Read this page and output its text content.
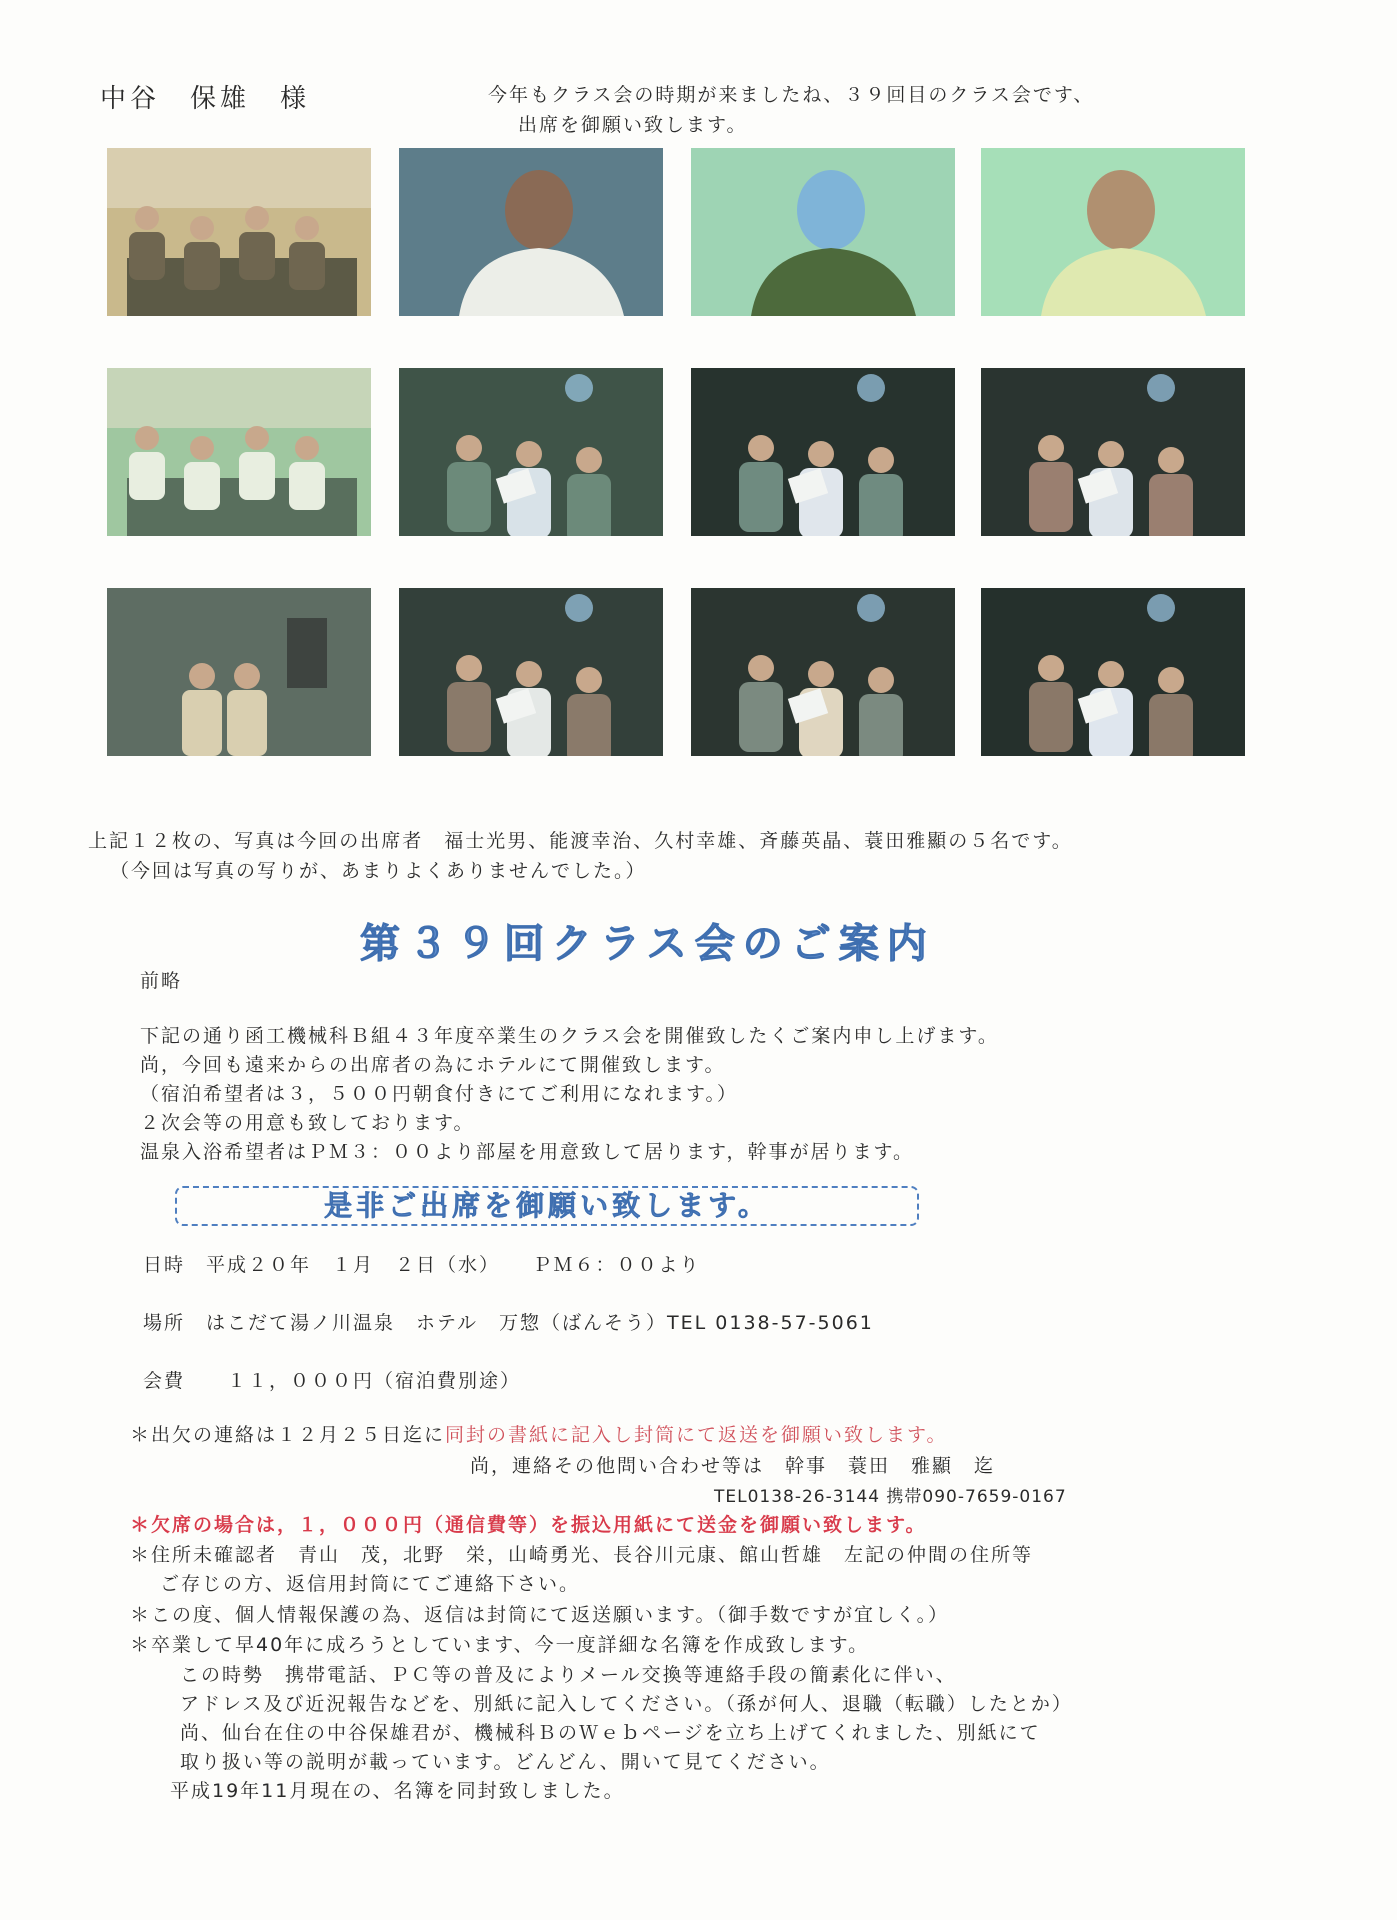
中谷　保雄　様	今年もクラス会の時期が来ましたね、３９回目のクラス会です、
出席を御願い致します。
上記１２枚の、写真は今回の出席者　福士光男、能渡幸治、久村幸雄、斉藤英晶、蓑田雅顯の５名です。
（今回は写真の写りが、あまりよくありませんでした。）
第３９回クラス会のご案内
前略
下記の通り函工機械科Ｂ組４３年度卒業生のクラス会を開催致したくご案内申し上げます。
尚，今回も遠来からの出席者の為にホテルにて開催致します。
（宿泊希望者は３，５００円朝食付きにてご利用になれます。）
２次会等の用意も致しております。
温泉入浴希望者はＰＭ３：００より部屋を用意致して居ります，幹事が居ります。
是非ご出席を御願い致します。
日時　平成２０年　１月　２日（水）　　ＰＭ６：００より
場所　はこだて湯ノ川温泉　ホテル　万惣（ばんそう）TEL 0138-57-5061
会費　　１１，０００円（宿泊費別途）
＊出欠の連絡は１２月２５日迄に同封の書紙に記入し封筒にて返送を御願い致します。
尚，連絡その他問い合わせ等は　幹事　蓑田　雅顯　迄
TEL0138-26-3144 携帯090-7659-0167
＊欠席の場合は，１，０００円（通信費等）を振込用紙にて送金を御願い致します。
＊住所未確認者　青山　茂，北野　栄，山崎勇光、長谷川元康、館山哲雄　左記の仲間の住所等
ご存じの方、返信用封筒にてご連絡下さい。
＊この度、個人情報保護の為、返信は封筒にて返送願います。（御手数ですが宜しく。）
＊卒業して早40年に成ろうとしています、今一度詳細な名簿を作成致します。
この時勢　携帯電話、ＰＣ等の普及によりメール交換等連絡手段の簡素化に伴い、
アドレス及び近況報告などを、別紙に記入してください。（孫が何人、退職（転職）したとか）
尚、仙台在住の中谷保雄君が、機械科ＢのＷｅｂページを立ち上げてくれました、別紙にて
取り扱い等の説明が載っています。どんどん、開いて見てください。
平成19年11月現在の、名簿を同封致しました。
